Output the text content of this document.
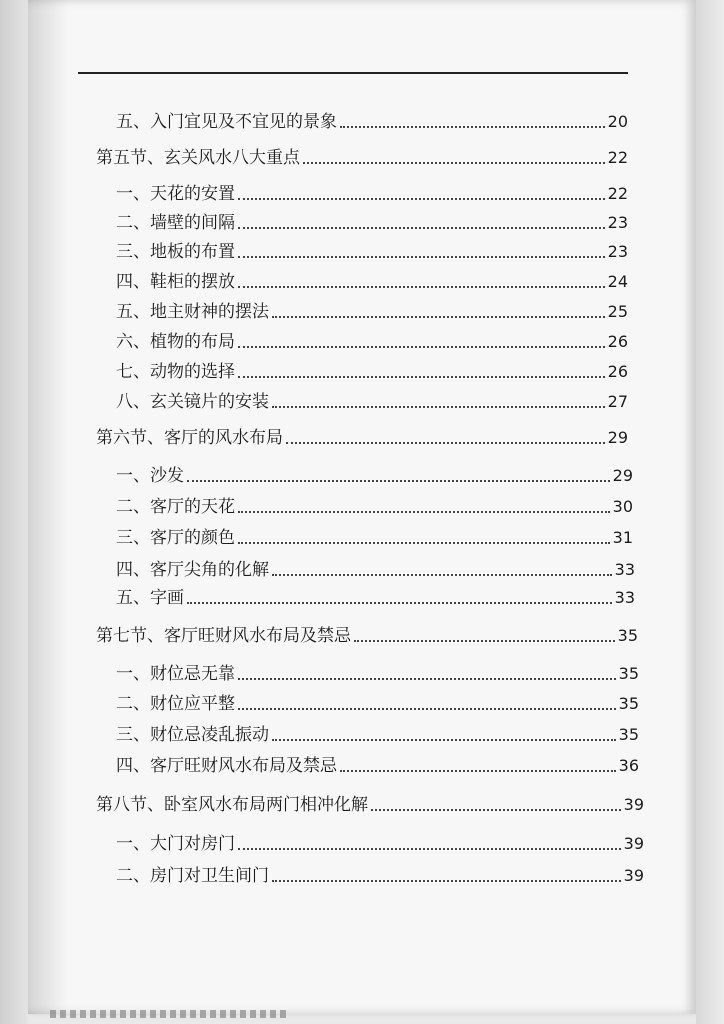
五、入门宜见及不宜见的景象	20
第五节、玄关风水八大重点	22
一、天花的安置	22
二、墙壁的间隔	23
三、地板的布置	23
四、鞋柜的摆放	24
五、地主财神的摆法	25
六、植物的布局	26
七、动物的选择	26
八、玄关镜片的安装	27
第六节、客厅的风水布局	29
一、沙发	29
二、客厅的天花	30
三、客厅的颜色	31
四、客厅尖角的化解	33
五、字画	33
第七节、客厅旺财风水布局及禁忌	35
一、财位忌无靠	35
二、财位应平整	35
三、财位忌凌乱振动	35
四、客厅旺财风水布局及禁忌	36
第八节、卧室风水布局两门相冲化解	39
一、大门对房门	39
二、房门对卫生间门	39
